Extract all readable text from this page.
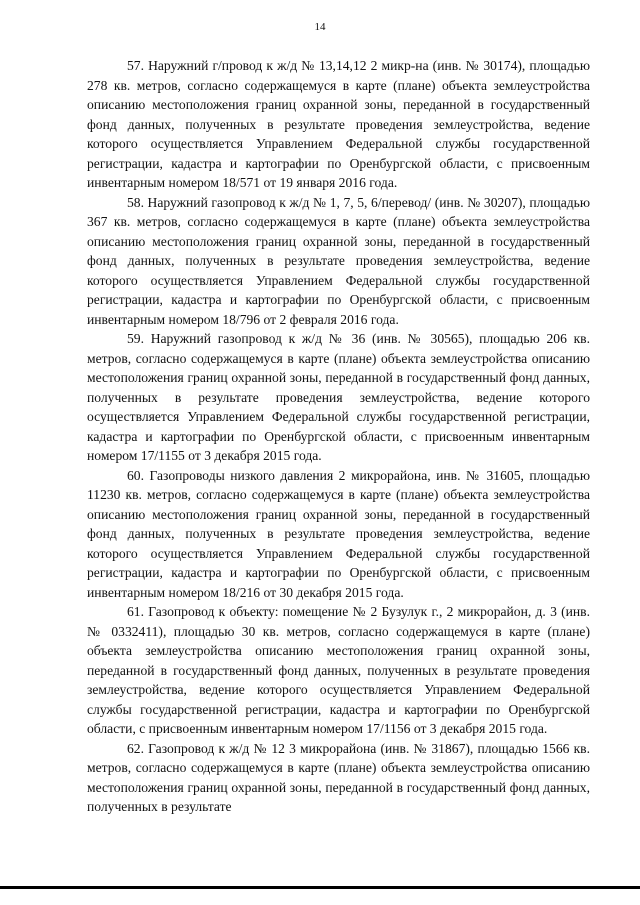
14

57. Наружний г/провод к ж/д № 13,14,12 2 микр-на (инв. № 30174), площадью 278 кв. метров, согласно содержащемуся в карте (плане) объекта землеустройства описанию местоположения границ охранной зоны, переданной в государственный фонд данных, полученных в результате проведения землеустройства, ведение которого осуществляется Управлением Федеральной службы государственной регистрации, кадастра и картографии по Оренбургской области, с присвоенным инвентарным номером 18/571 от 19 января 2016 года.

58. Наружний газопровод к ж/д № 1, 7, 5, 6/перевод/ (инв. № 30207), площадью 367 кв. метров, согласно содержащемуся в карте (плане) объекта землеустройства описанию местоположения границ охранной зоны, переданной в государственный фонд данных, полученных в результате проведения землеустройства, ведение которого осуществляется Управлением Федеральной службы государственной регистрации, кадастра и картографии по Оренбургской области, с присвоенным инвентарным номером 18/796 от 2 февраля 2016 года.

59. Наружний газопровод к ж/д № 36 (инв. № 30565), площадью 206 кв. метров, согласно содержащемуся в карте (плане) объекта землеустройства описанию местоположения границ охранной зоны, переданной в государственный фонд данных, полученных в результате проведения землеустройства, ведение которого осуществляется Управлением Федеральной службы государственной регистрации, кадастра и картографии по Оренбургской области, с присвоенным инвентарным номером 17/1155 от 3 декабря 2015 года.

60. Газопроводы низкого давления 2 микрорайона, инв. № 31605, площадью 11230 кв. метров, согласно содержащемуся в карте (плане) объекта землеустройства описанию местоположения границ охранной зоны, переданной в государственный фонд данных, полученных в результате проведения землеустройства, ведение которого осуществляется Управлением Федеральной службы государственной регистрации, кадастра и картографии по Оренбургской области, с присвоенным инвентарным номером 18/216 от 30 декабря 2015 года.

61. Газопровод к объекту: помещение № 2 Бузулук г., 2 микрорайон, д. 3 (инв. № 0332411), площадью 30 кв. метров, согласно содержащемуся в карте (плане) объекта землеустройства описанию местоположения границ охранной зоны, переданной в государственный фонд данных, полученных в результате проведения землеустройства, ведение которого осуществляется Управлением Федеральной службы государственной регистрации, кадастра и картографии по Оренбургской области, с присвоенным инвентарным номером 17/1156 от 3 декабря 2015 года.

62. Газопровод к ж/д № 12 3 микрорайона (инв. № 31867), площадью 1566 кв. метров, согласно содержащемуся в карте (плане) объекта землеустройства описанию местоположения границ охранной зоны, переданной в государственный фонд данных, полученных в результате
